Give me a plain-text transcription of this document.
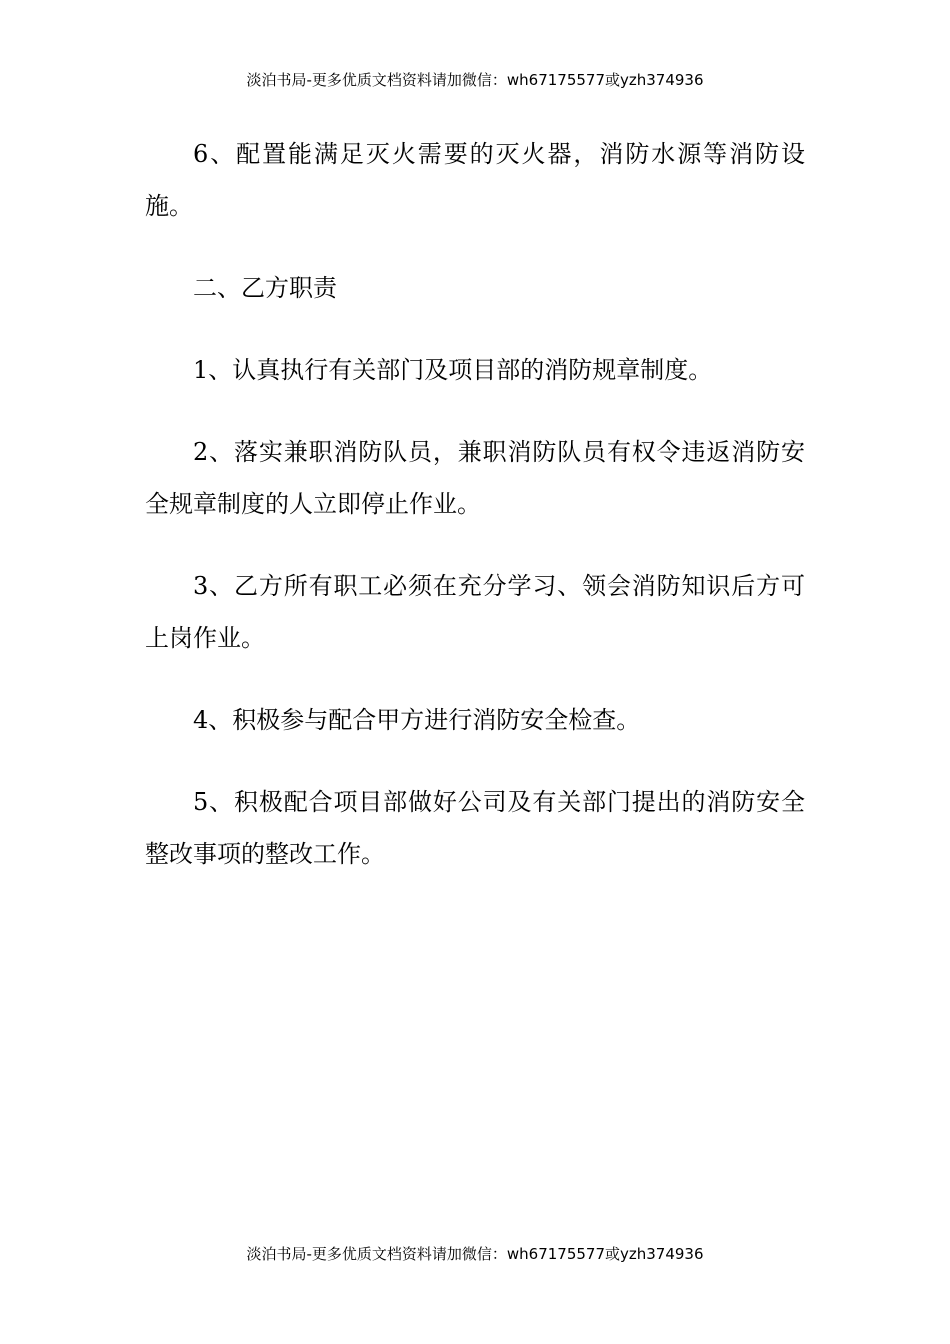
淡泊书局-更多优质文档资料请加微信：wh67175577或yzh374936

6、配置能满足灭火需要的灭火器，消防水源等消防设施。

二、乙方职责

1、认真执行有关部门及项目部的消防规章制度。

2、落实兼职消防队员，兼职消防队员有权令违返消防安全规章制度的人立即停止作业。

3、乙方所有职工必须在充分学习、领会消防知识后方可上岗作业。

4、积极参与配合甲方进行消防安全检查。

5、积极配合项目部做好公司及有关部门提出的消防安全整改事项的整改工作。

淡泊书局-更多优质文档资料请加微信：wh67175577或yzh374936
